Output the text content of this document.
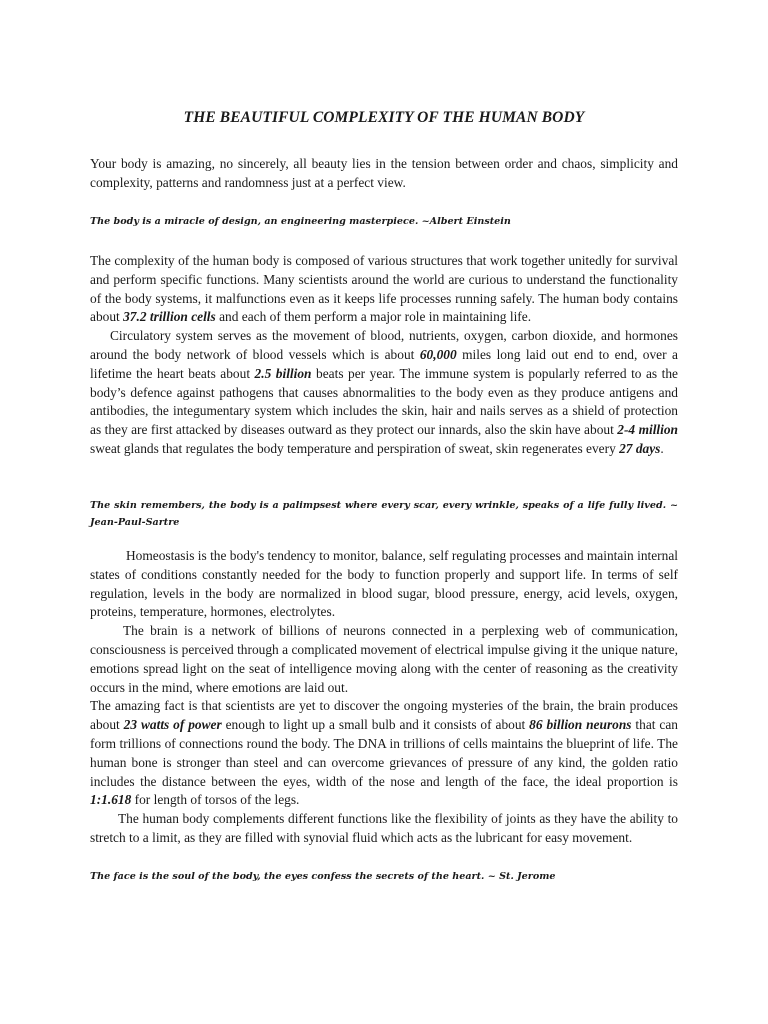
THE BEAUTIFUL COMPLEXITY OF THE HUMAN BODY

Your body is amazing, no sincerely, all beauty lies in the tension between order and chaos, simplicity and complexity, patterns and randomness just at a perfect view.

The body is a miracle of design, an engineering masterpiece. ~Albert Einstein

The complexity of the human body is composed of various structures that work together unitedly for survival and perform specific functions. Many scientists around the world are curious to understand the functionality of the body systems, it malfunctions even as it keeps life processes running safely. The human body contains about 37.2 trillion cells and each of them perform a major role in maintaining life.

Circulatory system serves as the movement of blood, nutrients, oxygen, carbon dioxide, and hormones around the body network of blood vessels which is about 60,000 miles long laid out end to end, over a lifetime the heart beats about 2.5 billion beats per year. The immune system is popularly referred to as the body’s defence against pathogens that causes abnormalities to the body even as they produce antigens and antibodies, the integumentary system which includes the skin, hair and nails serves as a shield of protection as they are first attacked by diseases outward as they protect our innards, also the skin have about 2-4 million sweat glands that regulates the body temperature and perspiration of sweat, skin regenerates every 27 days.

The skin remembers, the body is a palimpsest where every scar, every wrinkle, speaks of a life fully lived. ~ Jean-Paul-Sartre

Homeostasis is the body's tendency to monitor, balance, self regulating processes and maintain internal states of conditions constantly needed for the body to function properly and support life. In terms of self regulation, levels in the body are normalized in blood sugar, blood pressure, energy, acid levels, oxygen, proteins, temperature, hormones, electrolytes.

The brain is a network of billions of neurons connected in a perplexing web of communication, consciousness is perceived through a complicated movement of electrical impulse giving it the unique nature, emotions spread light on the seat of intelligence moving along with the center of reasoning as the creativity occurs in the mind, where emotions are laid out.

The amazing fact is that scientists are yet to discover the ongoing mysteries of the brain, the brain produces about 23 watts of power enough to light up a small bulb and it consists of about 86 billion neurons that can form trillions of connections round the body. The DNA in trillions of cells maintains the blueprint of life. The human bone is stronger than steel and can overcome grievances of pressure of any kind, the golden ratio includes the distance between the eyes, width of the nose and length of the face, the ideal proportion is 1:1.618 for length of torsos of the legs.

The human body complements different functions like the flexibility of joints as they have the ability to stretch to a limit, as they are filled with synovial fluid which acts as the lubricant for easy movement.

The face is the soul of the body, the eyes confess the secrets of the heart. ~ St. Jerome
